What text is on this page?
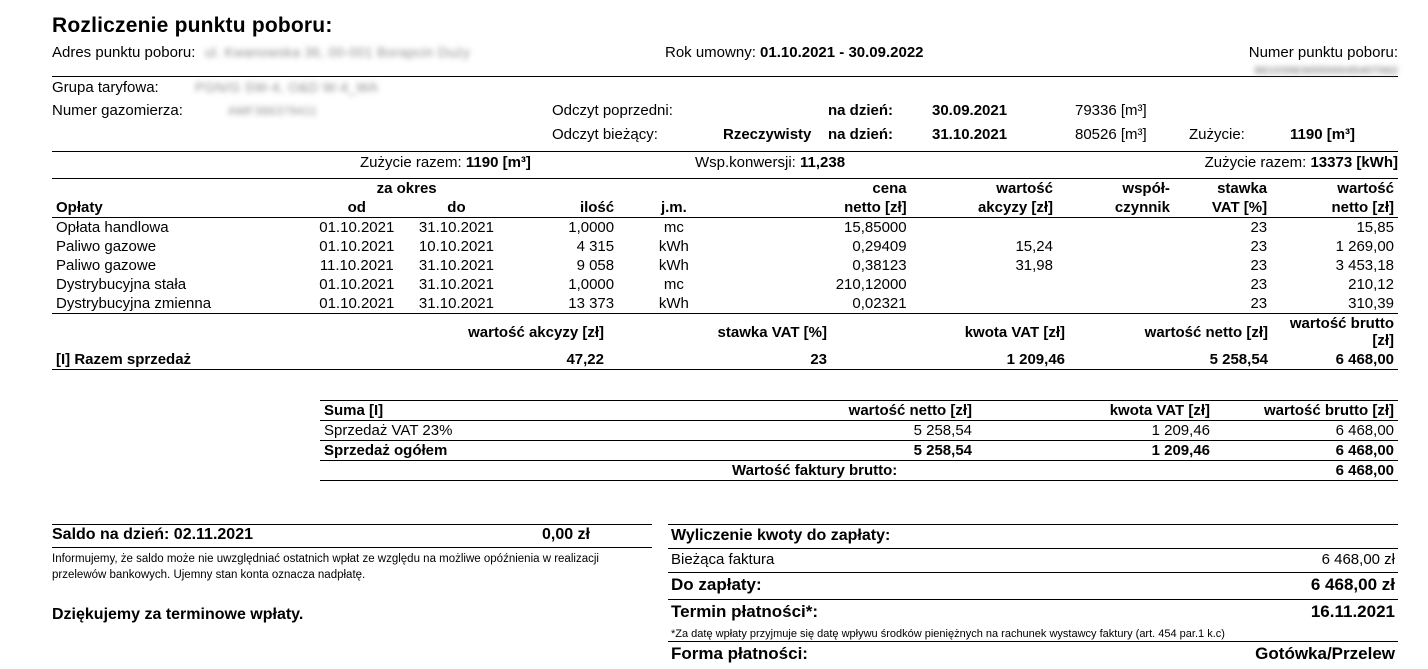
Rozliczenie punktu poboru:
Adres punktu poboru: ul. Kwanowska 36, 00-001 Borapcin Duży	Rok umowny: 01.10.2021 - 30.09.2022	Numer punktu poboru:
8610396365500045407062
Grupa taryfowa:	PGN/G SW-4, O&D W-4_WA
Numer gazomierza:	AMF386379411	Odczyt poprzedni:	na dzień:	30.09.2021	79336 [m³]
Odczyt bieżący:	Rzeczywisty na dzień:	31.10.2021	80526 [m³]	Zużycie:	1190 [m³]
Zużycie razem: 1190 [m³]	Wsp.konwersji: 11,238	Zużycie razem: 13373 [kWh]
Opłaty	za okres		ilość	j.m.	cena	wartość	współ-	stawka	wartość
	od	do			netto [zł]	akcyzy [zł]	czynnik	VAT [%]	netto [zł]
Opłata handlowa	01.10.2021	31.10.2021	1,0000	mc	15,85000			23	15,85
Paliwo gazowe	01.10.2021	10.10.2021	4 315	kWh	0,29409	15,24		23	1 269,00
Paliwo gazowe	11.10.2021	31.10.2021	9 058	kWh	0,38123	31,98		23	3 453,18
Dystrybucyjna stała	01.10.2021	31.10.2021	1,0000	mc	210,12000			23	210,12
Dystrybucyjna zmienna	01.10.2021	31.10.2021	13 373	kWh	0,02321			23	310,39
	wartość akcyzy [zł]	stawka VAT [%]	kwota VAT [zł]	wartość netto [zł]	wartość brutto [zł]
[I] Razem sprzedaż	47,22	23	1 209,46	5 258,54	6 468,00
Suma [I]	wartość netto [zł]	kwota VAT [zł]	wartość brutto [zł]
Sprzedaż VAT 23%	5 258,54	1 209,46	6 468,00
Sprzedaż ogółem	5 258,54	1 209,46	6 468,00
	Wartość faktury brutto:		6 468,00
Saldo na dzień: 02.11.2021	0,00 zł
Informujemy, że saldo może nie uwzględniać ostatnich wpłat ze względu na możliwe opóźnienia w realizacji przelewów bankowych. Ujemny stan konta oznacza nadpłatę.
Dziękujemy za terminowe wpłaty.
Wyliczenie kwoty do zapłaty:
Bieżąca faktura	6 468,00 zł
Do zapłaty:	6 468,00 zł
Termin płatności*:	16.11.2021
*Za datę wpłaty przyjmuje się datę wpływu środków pieniężnych na rachunek wystawcy faktury (art. 454 par.1 k.c)
Forma płatności:	Gotówka/Przelew
